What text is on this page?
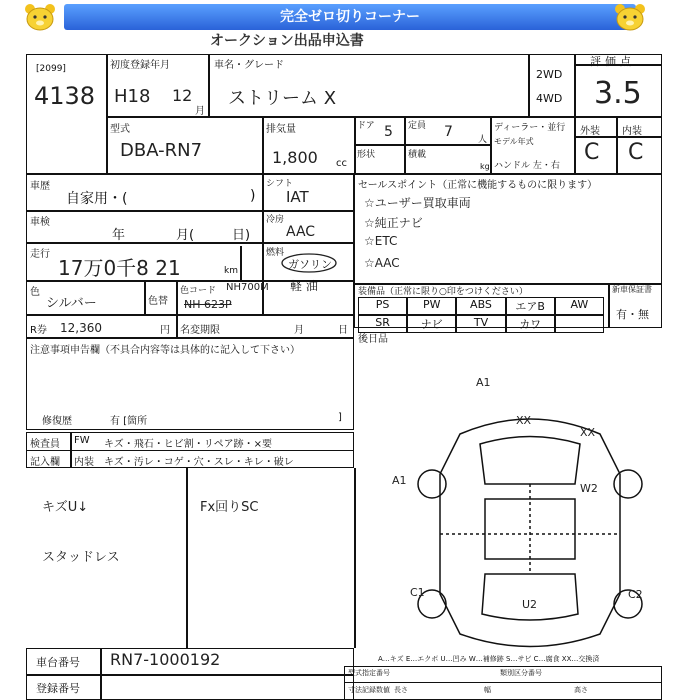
完全ゼロ切りコーナー
オークション出品申込書
[2099]
4138
初度登録年月
H18 12
月
車名・グレード
ストリーム X
2WD
4WD
評価点
3.5
型式
DBA-RN7
排気量
1,800 cc
ドア 5 定員 7	人
形状	積載
kg
ディーラー・並行
モデル年式
ハンドル 左・右
外装 内装
C C
車歴
自家用・(	)
シフト
IAT
車検
年	月(	日)
冷房
AAC
走行
17万0千8 21	km
燃料
ガソリン
軽 油
色
シルバー	色替
色コード
NH 623P
NH700M
R券 12,360	円 名変期限	月	日
セールスポイント（正常に機能するものに限ります）
☆ユーザー買取車両
☆純正ナビ
☆ETC
☆AAC
装備品（正常に限り○印をつけください）	新車保証書
有・無
PS	PW	ABS	エアB	AW
SR	ナビ	TV	カワ
後日品
注意事項申告欄（不具合内容等は具体的に記入して下さい）
修復歴	有 [箇所	]
検査員 FW キズ・飛石・ヒビ割・リペア跡・×要
記入欄 内装 キズ・汚レ・コゲ・穴・スレ・キレ・破レ
キズU↓
スタッドレス
Fx回りSC
A1
XX
XX
A1
W2
C1	C2
U2
A…キズ E…エクボ U…凹み W…補修跡 S…サビ C…腐食 XX…交換済
車台番号 RN7-1000192
登録番号
型式指定番号	類別区分番号
寸法記録数値 長さ	幅	高さ
